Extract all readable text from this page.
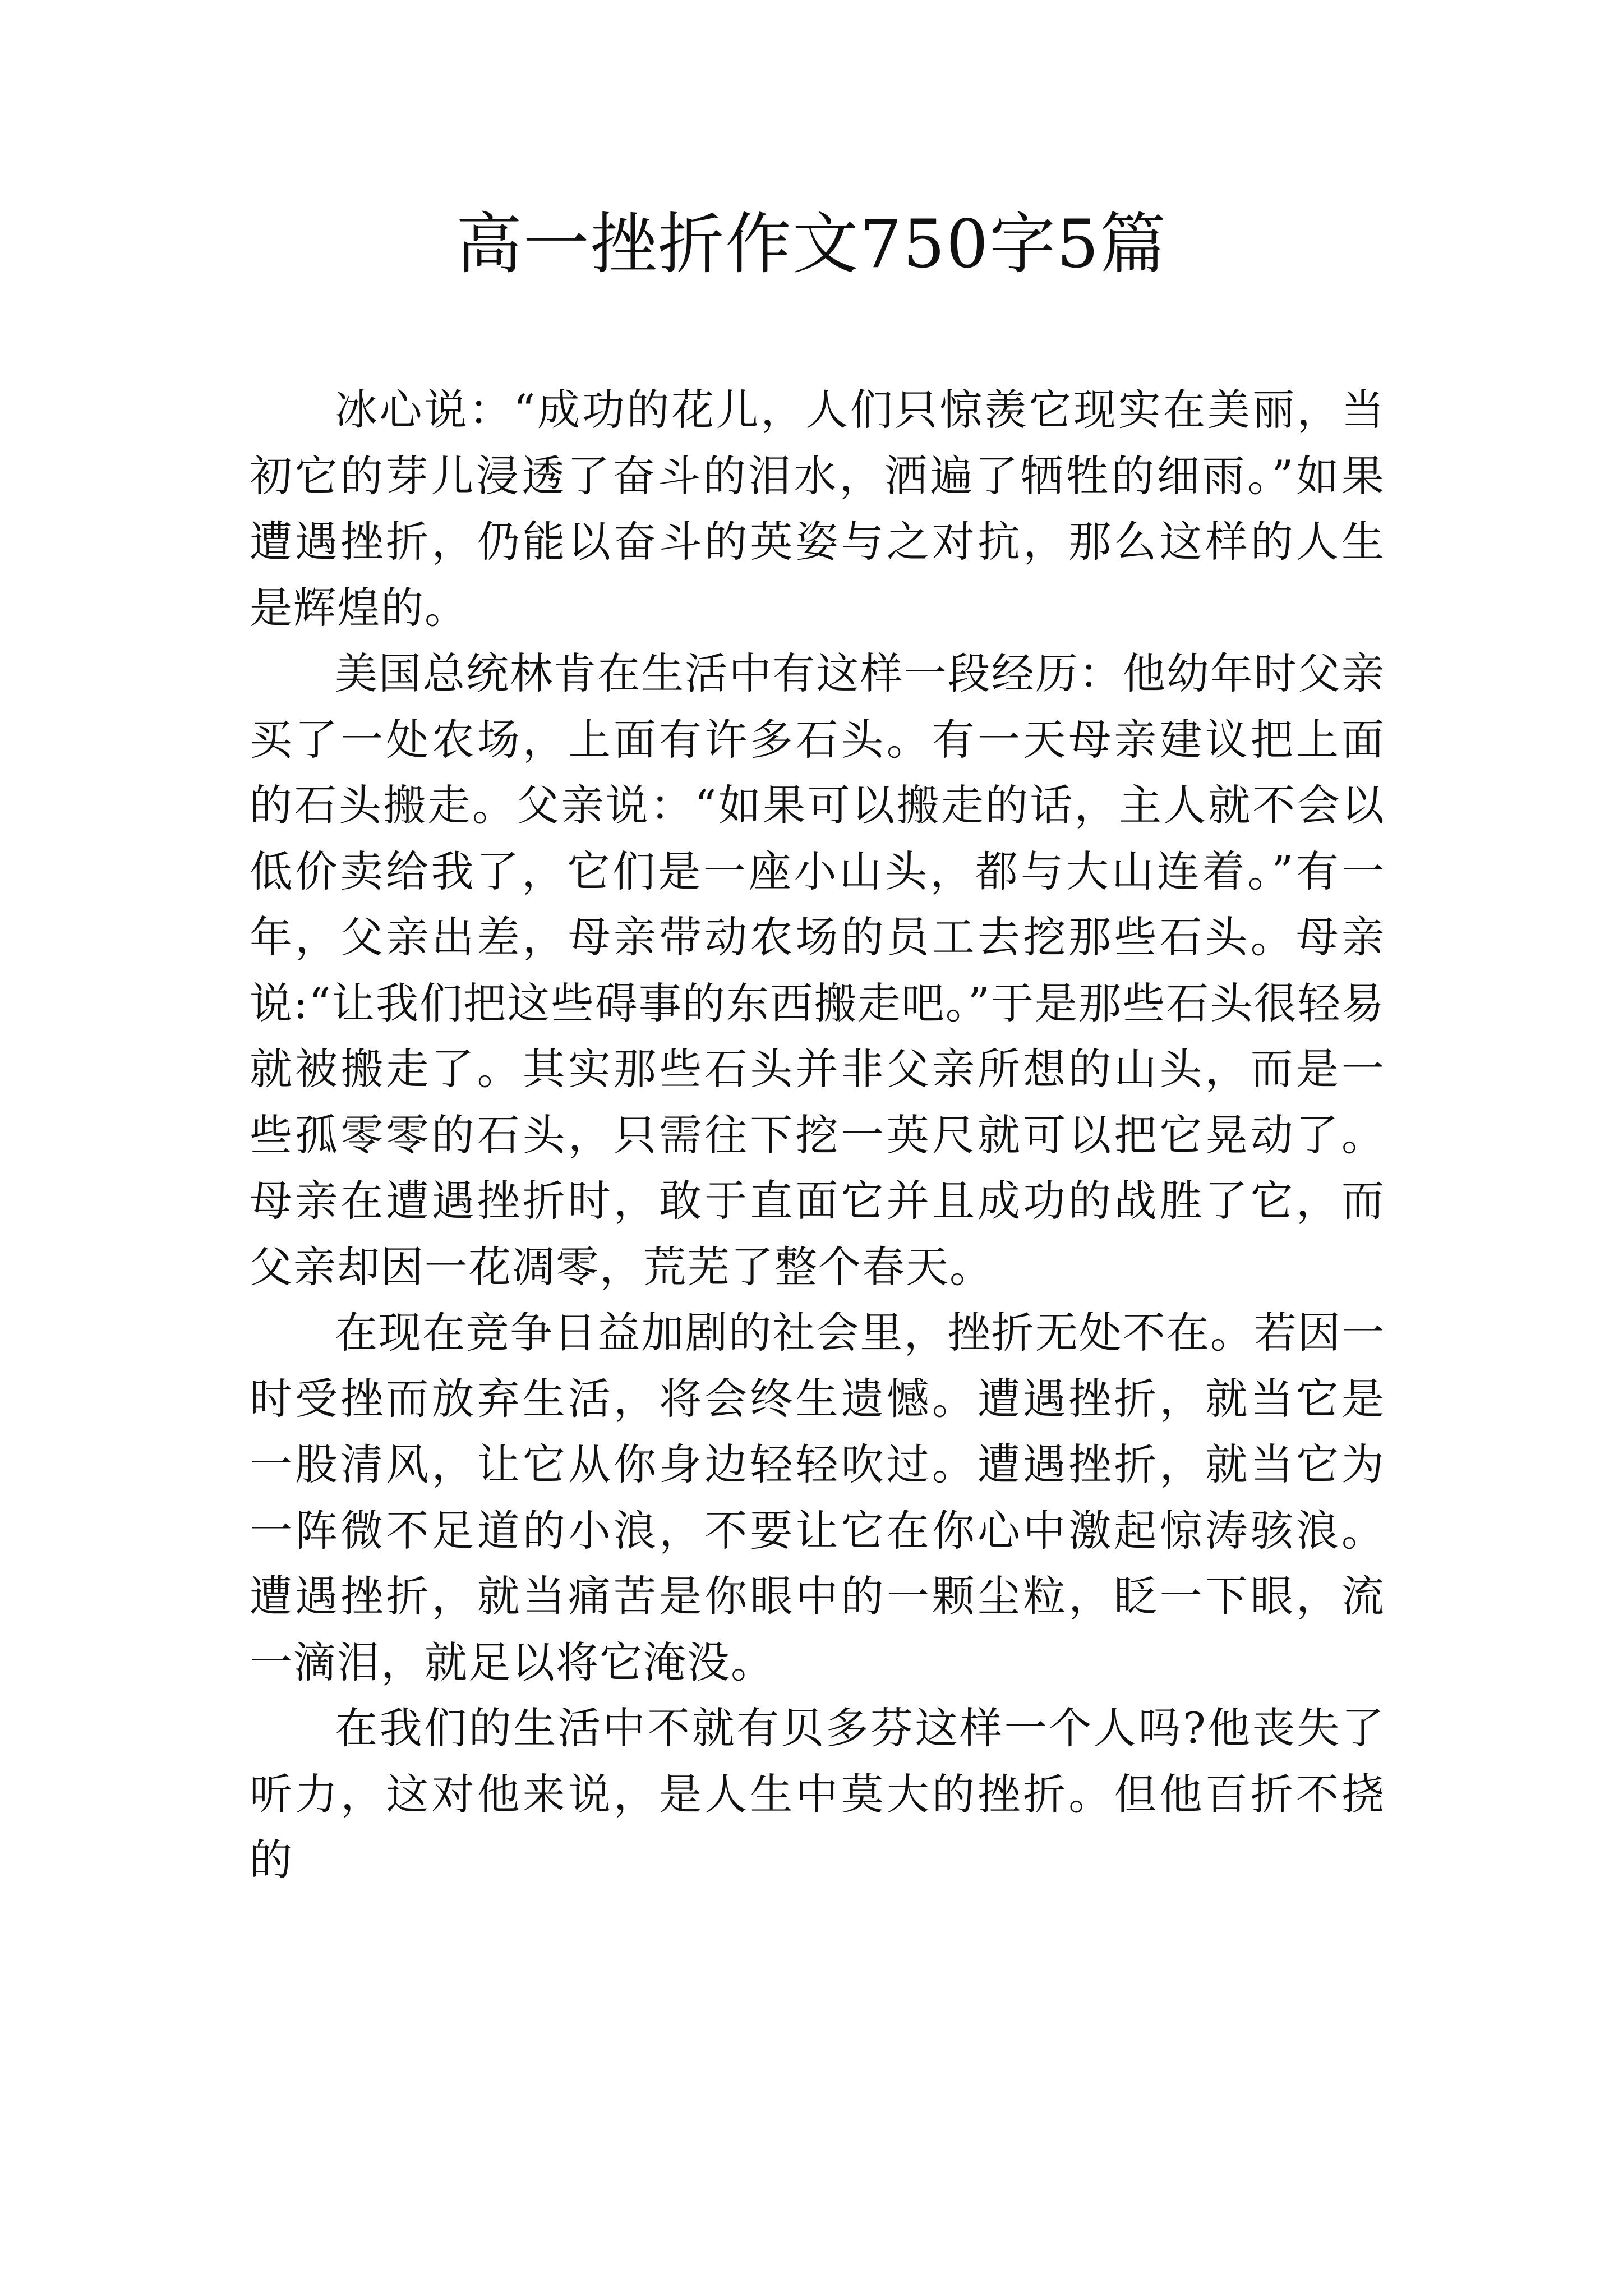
高一挫折作文750字5篇

冰心说：“成功的花儿，人们只惊羡它现实在美丽，当初它的芽儿浸透了奋斗的泪水，洒遍了牺牲的细雨。”如果遭遇挫折，仍能以奋斗的英姿与之对抗，那么这样的人生是辉煌的。

美国总统林肯在生活中有这样一段经历：他幼年时父亲买了一处农场，上面有许多石头。有一天母亲建议把上面的石头搬走。父亲说：“如果可以搬走的话，主人就不会以低价卖给我了，它们是一座小山头，都与大山连着。”有一年，父亲出差，母亲带动农场的员工去挖那些石头。母亲说:“让我们把这些碍事的东西搬走吧。”于是那些石头很轻易就被搬走了。其实那些石头并非父亲所想的山头，而是一些孤零零的石头，只需往下挖一英尺就可以把它晃动了。母亲在遭遇挫折时，敢于直面它并且成功的战胜了它，而父亲却因一花凋零，荒芜了整个春天。

在现在竞争日益加剧的社会里，挫折无处不在。若因一时受挫而放弃生活，将会终生遗憾。遭遇挫折，就当它是一股清风，让它从你身边轻轻吹过。遭遇挫折，就当它为一阵微不足道的小浪，不要让它在你心中激起惊涛骇浪。遭遇挫折，就当痛苦是你眼中的一颗尘粒，眨一下眼，流一滴泪，就足以将它淹没。

在我们的生活中不就有贝多芬这样一个人吗?他丧失了听力，这对他来说，是人生中莫大的挫折。但他百折不挠的
